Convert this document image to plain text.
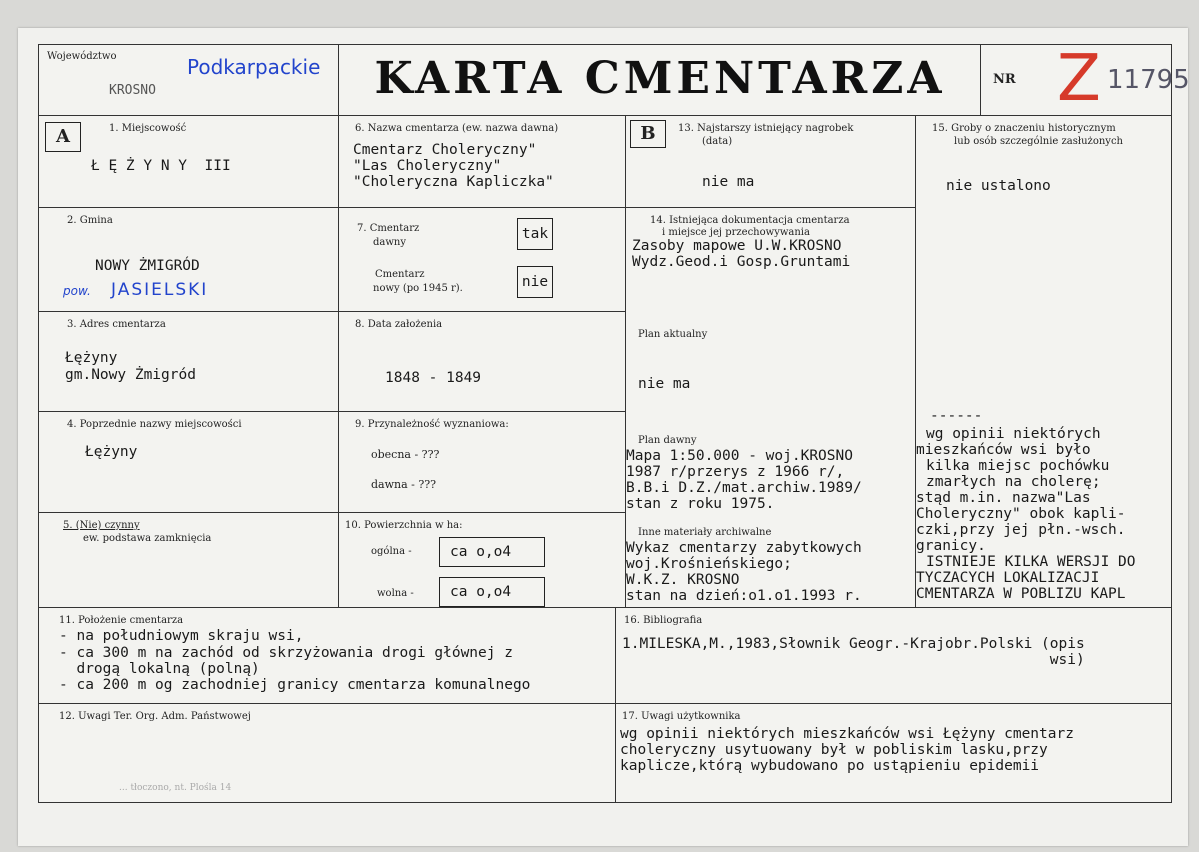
Województwo
KROSNO
Podkarpackie	KARTA CMENTARZA	NR Z 11795
A	1. Miejscowość
Ł Ę Ż Y N Y  III
2. Gmina
NOWY ŻMIGRÓD
pow. JASIELSKI
3. Adres cmentarza
Łężyny
gm.Nowy Żmigród
4. Poprzednie nazwy miejscowości
Łężyny
5. (Nie) czynny
ew. podstawa zamknięcia
6. Nazwa cmentarza (ew. nazwa dawna)
Cmentarz Choleryczny"
"Las Choleryczny"
"Choleryczna Kapliczka"
7. Cmentarz
dawny
Cmentarz
nowy (po 1945 r).
tak
nie
8. Data założenia
1848 - 1849
9. Przynależność wyznaniowa:
obecna - ???
dawna - ???
10. Powierzchnia w ha:
ogólna -	ca o,o4
wolna -	ca o,o4
B	13. Najstarszy istniejący nagrobek
(data)
nie ma
14. Istniejąca dokumentacja cmentarza
i miejsce jej przechowywania
Zasoby mapowe U.W.KROSNO
Wydz.Geod.i Gosp.Gruntami
Plan aktualny
nie ma
Plan dawny
Mapa 1:50.000 - woj.KROSNO
1987 r/przerys z 1966 r/,
B.B.i D.Z./mat.archiw.1989/
stan z roku 1975.
Inne materiały archiwalne
Wykaz cmentarzy zabytkowych
woj.Krośnieńskiego;
W.K.Z. KROSNO
stan na dzień:o1.o1.1993 r.
15. Groby o znaczeniu historycznym
lub osób szczególnie zasłużonych
nie ustalono
------
wg opinii niektórych
mieszkańców wsi było
kilka miejsc pochówku
zmarłych na cholerę;
stąd m.in. nazwa"Las
Choleryczny" obok kapli-
czki,przy jej płn.-wsch.
granicy.
ISTNIEJE KILKA WERSJI DO
TYCZACYCH LOKALIZACJI
CMENTARZA W POBLIZU KAPL
11. Położenie cmentarza
- na południowym skraju wsi,
- ca 300 m na zachód od skrzyżowania drogi głównej z
drogą lokalną (polną)
- ca 200 m og zachodniej granicy cmentarza komunalnego
16. Bibliografia
1.MILESKA,M.,1983,Słownik Geogr.-Krajobr.Polski (opis
wsi)
12. Uwagi Ter. Org. Adm. Państwowej
... tłoczono, nt. Plośla 14
17. Uwagi użytkownika
wg opinii niektórych mieszkańców wsi Łężyny cmentarz
choleryczny usytuowany był w pobliskim lasku,przy
kaplicze,którą wybudowano po ustąpieniu epidemii
